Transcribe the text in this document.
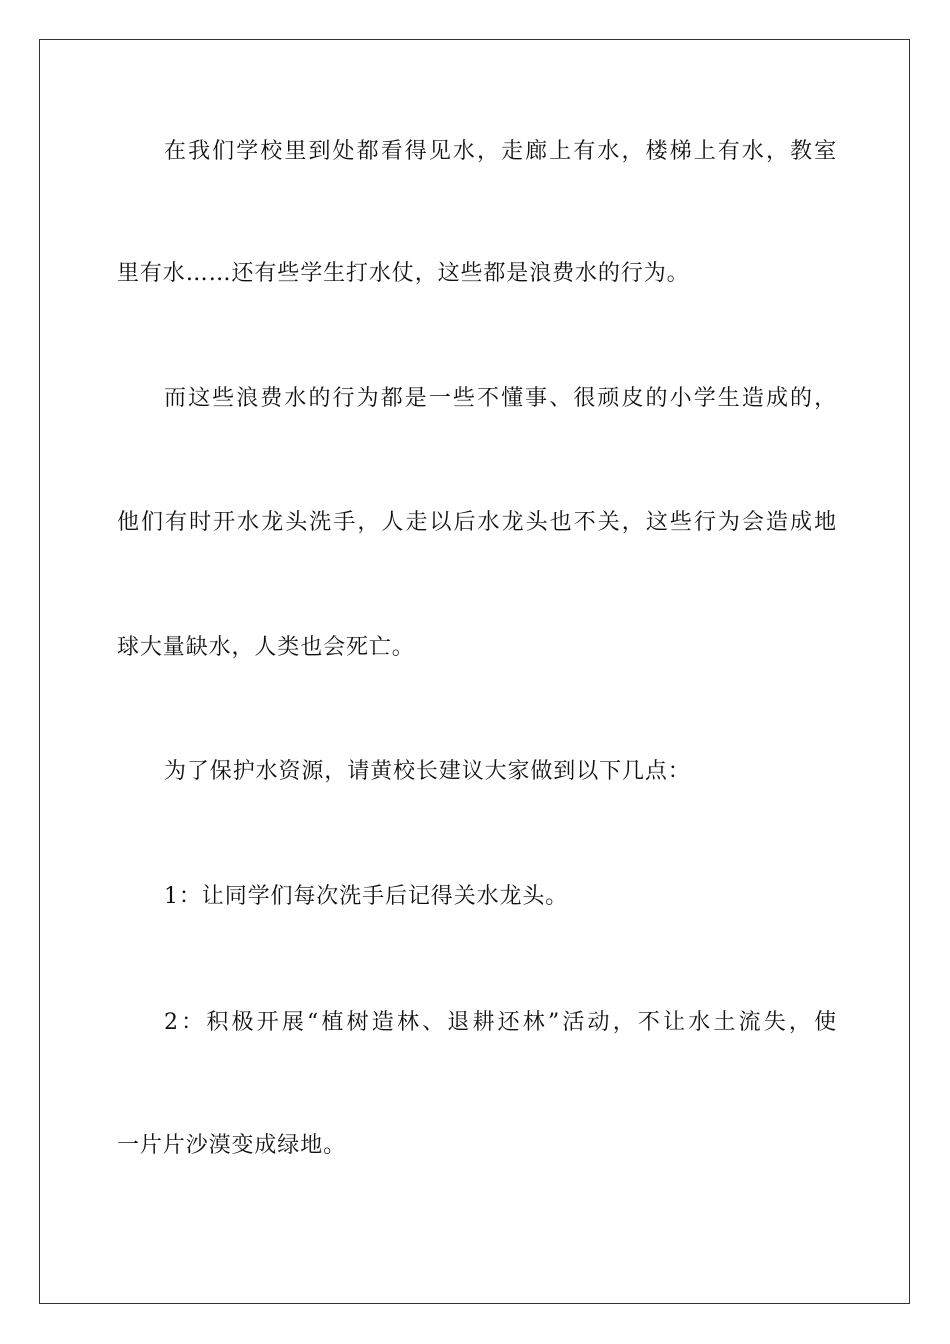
在我们学校里到处都看得见水，走廊上有水，楼梯上有水，教室
里有水……还有些学生打水仗，这些都是浪费水的行为。
而这些浪费水的行为都是一些不懂事、很顽皮的小学生造成的，
他们有时开水龙头洗手，人走以后水龙头也不关，这些行为会造成地
球大量缺水，人类也会死亡。
为了保护水资源，请黄校长建议大家做到以下几点：
1：让同学们每次洗手后记得关水龙头。
2：积极开展“植树造林、退耕还林”活动，不让水土流失，使
一片片沙漠变成绿地。
